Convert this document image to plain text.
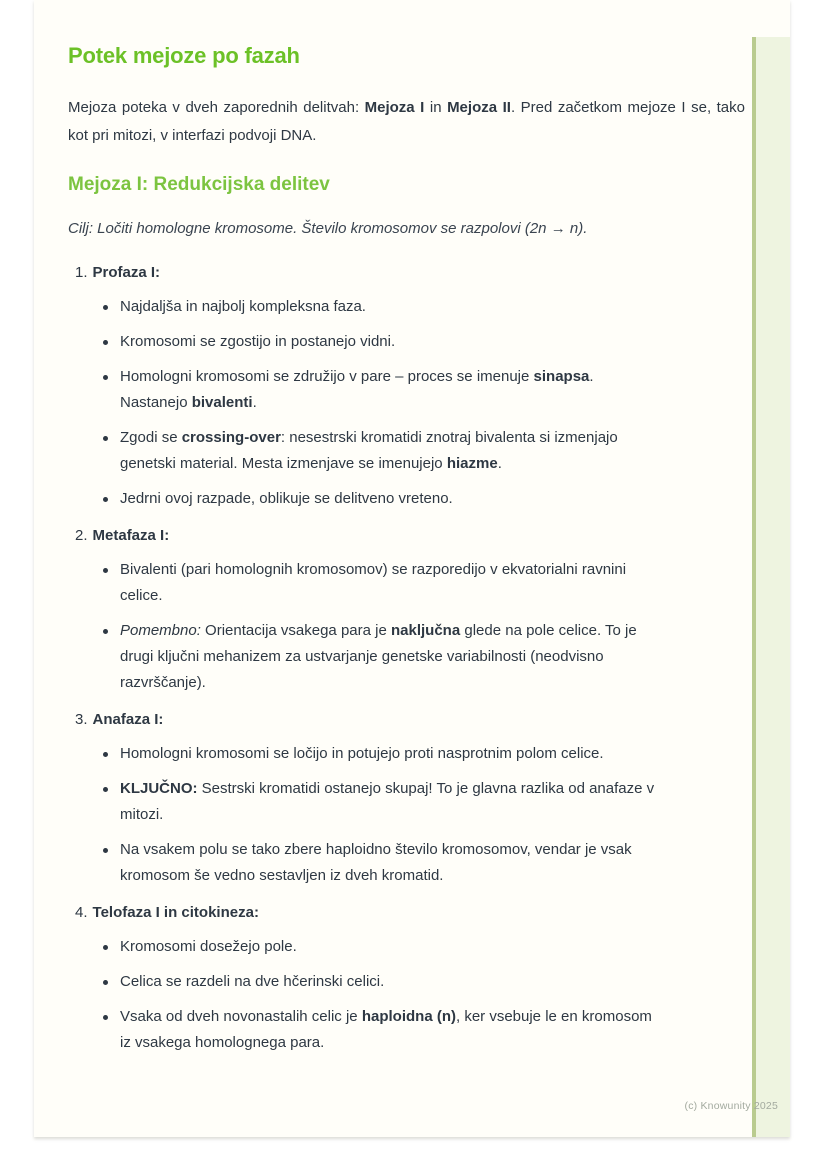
Potek mejoze po fazah

Mejoza poteka v dveh zaporednih delitvah: Mejoza I in Mejoza II. Pred začetkom mejoze I se, tako kot pri mitozi, v interfazi podvoji DNA.

Mejoza I: Redukcijska delitev

Cilj: Ločiti homologne kromosome. Število kromosomov se razpolovi (2n → n).

1. Profaza I:
Najdaljša in najbolj kompleksna faza.
Kromosomi se zgostijo in postanejo vidni.
Homologni kromosomi se združijo v pare – proces se imenuje sinapsa. Nastanejo bivalenti.
Zgodi se crossing-over: nesestrski kromatidi znotraj bivalenta si izmenjajo genetski material. Mesta izmenjave se imenujejo hiazme.
Jedrni ovoj razpade, oblikuje se delitveno vreteno.
2. Metafaza I:
Bivalenti (pari homolognih kromosomov) se razporedijo v ekvatorialni ravnini celice.
Pomembno: Orientacija vsakega para je naključna glede na pole celice. To je drugi ključni mehanizem za ustvarjanje genetske variabilnosti (neodvisno razvrščanje).
3. Anafaza I:
Homologni kromosomi se ločijo in potujejo proti nasprotnim polom celice.
KLJUČNO: Sestrski kromatidi ostanejo skupaj! To je glavna razlika od anafaze v mitozi.
Na vsakem polu se tako zbere haploidno število kromosomov, vendar je vsak kromosom še vedno sestavljen iz dveh kromatid.
4. Telofaza I in citokineza:
Kromosomi dosežejo pole.
Celica se razdeli na dve hčerinski celici.
Vsaka od dveh novonastalih celic je haploidna (n), ker vsebuje le en kromosom iz vsakega homolognega para.
(c) Knowunity 2025
